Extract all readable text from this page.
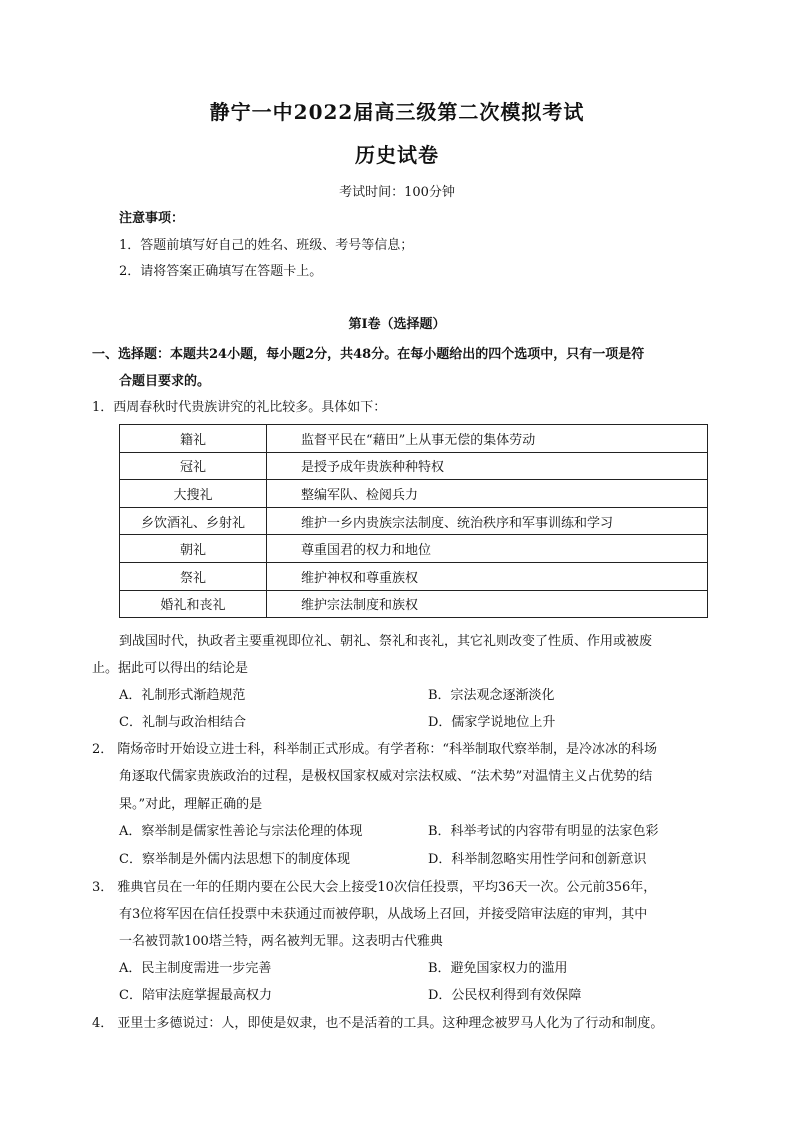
静宁一中2022届高三级第二次模拟考试
历史试卷
考试时间：100分钟
注意事项：
1．答题前填写好自己的姓名、班级、考号等信息；
2．请将答案正确填写在答题卡上。
第I卷（选择题）
一、选择题：本题共24小题，每小题2分，共48分。在每小题给出的四个选项中，只有一项是符
合题目要求的。
1．西周春秋时代贵族讲究的礼比较多。具体如下：
籍礼	监督平民在“藉田”上从事无偿的集体劳动
冠礼	是授予成年贵族种种特权
大搜礼	整编军队、检阅兵力
乡饮酒礼、乡射礼	维护一乡内贵族宗法制度、统治秩序和军事训练和学习
朝礼	尊重国君的权力和地位
祭礼	维护神权和尊重族权
婚礼和丧礼	维护宗法制度和族权
到战国时代，执政者主要重视即位礼、朝礼、祭礼和丧礼，其它礼则改变了性质、作用或被废
止。据此可以得出的结论是
A．礼制形式渐趋规范	B．宗法观念逐渐淡化
C．礼制与政治相结合	D．儒家学说地位上升
2． 隋炀帝时开始设立进士科，科举制正式形成。有学者称：“科举制取代察举制，是冷冰冰的科场
角逐取代儒家贵族政治的过程，是极权国家权威对宗法权威、“法术势”对温情主义占优势的结
果。”对此，理解正确的是
A．察举制是儒家性善论与宗法伦理的体现	B．科举考试的内容带有明显的法家色彩
C．察举制是外儒内法思想下的制度体现	D．科举制忽略实用性学问和创新意识
3． 雅典官员在一年的任期内要在公民大会上接受10次信任投票，平均36天一次。公元前356年，
有3位将军因在信任投票中未获通过而被停职，从战场上召回，并接受陪审法庭的审判，其中
一名被罚款100塔兰特，两名被判无罪。这表明古代雅典
A．民主制度需进一步完善	B．避免国家权力的滥用
C．陪审法庭掌握最高权力	D．公民权利得到有效保障
4． 亚里士多德说过：人，即使是奴隶，也不是活着的工具。这种理念被罗马人化为了行动和制度。
